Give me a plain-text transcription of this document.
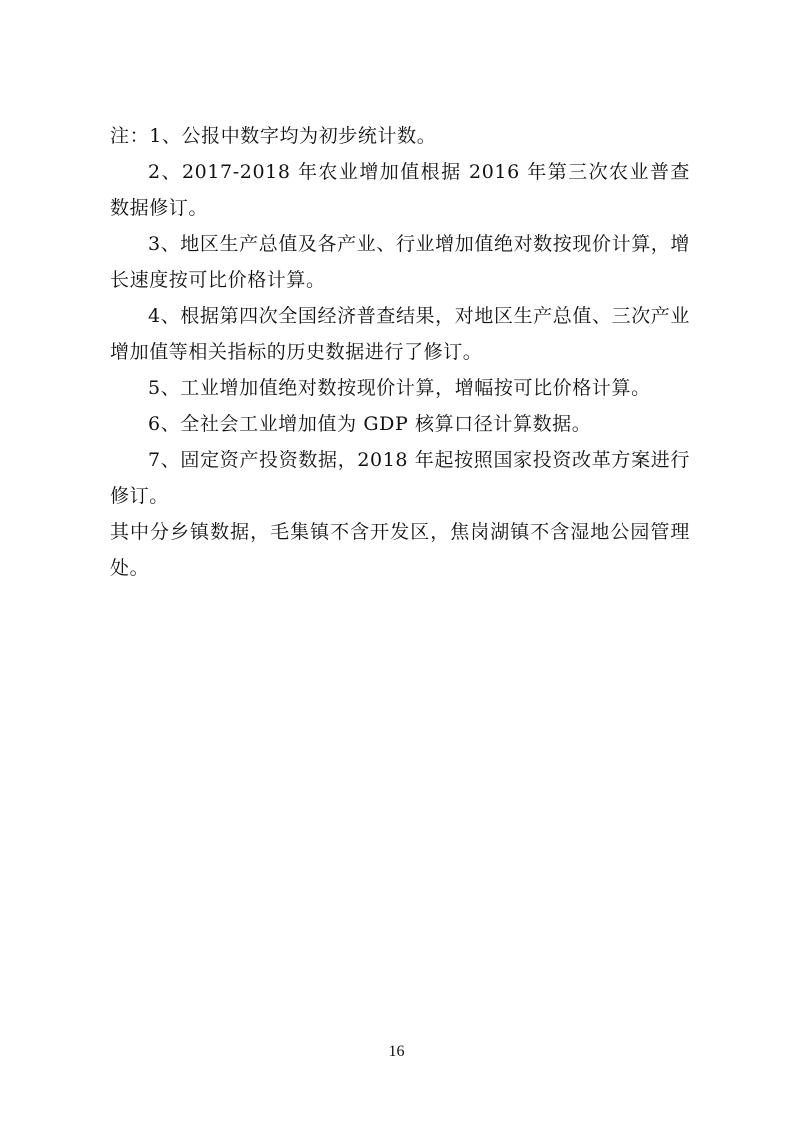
注：1、公报中数字均为初步统计数。

2、2017-2018 年农业增加值根据 2016 年第三次农业普查数据修订。

3、地区生产总值及各产业、行业增加值绝对数按现价计算，增长速度按可比价格计算。

4、根据第四次全国经济普查结果，对地区生产总值、三次产业增加值等相关指标的历史数据进行了修订。

5、工业增加值绝对数按现价计算，增幅按可比价格计算。

6、全社会工业增加值为 GDP 核算口径计算数据。

7、固定资产投资数据，2018 年起按照国家投资改革方案进行修订。

其中分乡镇数据，毛集镇不含开发区，焦岗湖镇不含湿地公园管理处。

16
